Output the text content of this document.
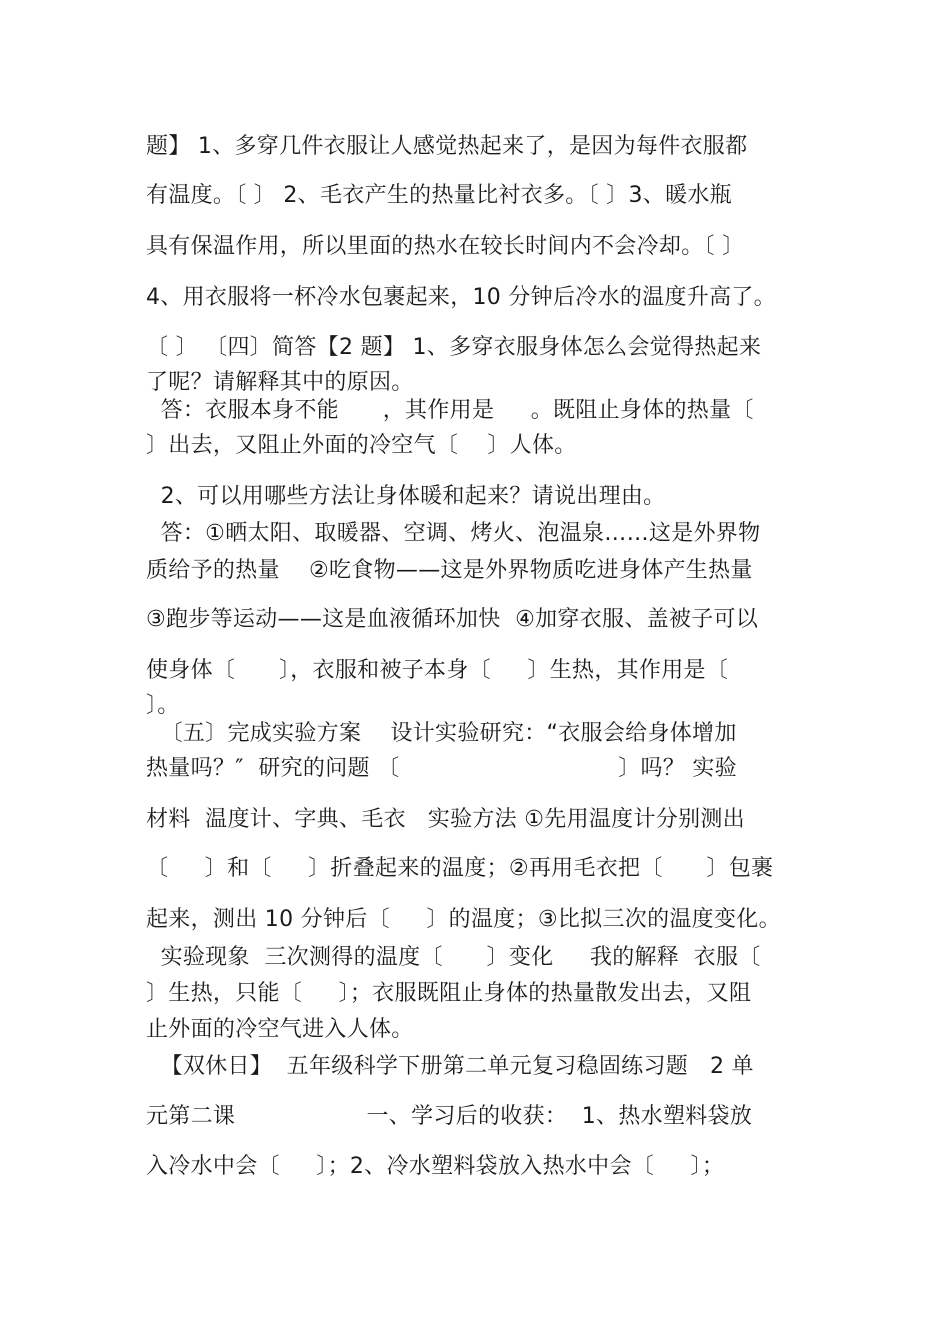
题】 1、多穿几件衣服让人感觉热起来了，是因为每件衣服都
有温度。〔 〕 2、毛衣产生的热量比衬衣多。〔 〕3、暖水瓶
具有保温作用，所以里面的热水在较长时间内不会冷却。〔 〕
4、用衣服将一杯冷水包裹起来，10 分钟后冷水的温度升高了。
〔 〕 〔四〕简答【2 题】 1、多穿衣服身体怎么会觉得热起来
了呢？请解释其中的原因。
答：衣服本身不能      ，其作用是     。既阻止身体的热量〔
〕出去，又阻止外面的冷空气〔    〕人体。
2、可以用哪些方法让身体暖和起来？请说出理由。
答：①晒太阳、取暖器、空调、烤火、泡温泉……这是外界物
质给予的热量    ②吃食物——这是外界物质吃进身体产生热量
③跑步等运动——这是血液循环加快  ④加穿衣服、盖被子可以
使身体〔      〕，衣服和被子本身〔     〕生热，其作用是〔
〕。
〔五〕完成实验方案    设计实验研究：“衣服会给身体增加
热量吗？″  研究的问题 〔                              〕吗？ 实验
材料  温度计、字典、毛衣   实验方法 ①先用温度计分别测出
〔     〕和〔     〕折叠起来的温度；②再用毛衣把〔      〕包裹
起来，测出 10 分钟后〔     〕的温度；③比拟三次的温度变化。
实验现象  三次测得的温度〔      〕变化     我的解释  衣服〔
〕生热，只能〔     〕；衣服既阻止身体的热量散发出去，又阻
止外面的冷空气进入人体。
【双休日】  五年级科学下册第二单元复习稳固练习题   2 单
元第二课                  一、学习后的收获：  1、热水塑料袋放
入冷水中会〔     〕；2、冷水塑料袋放入热水中会〔     〕；
